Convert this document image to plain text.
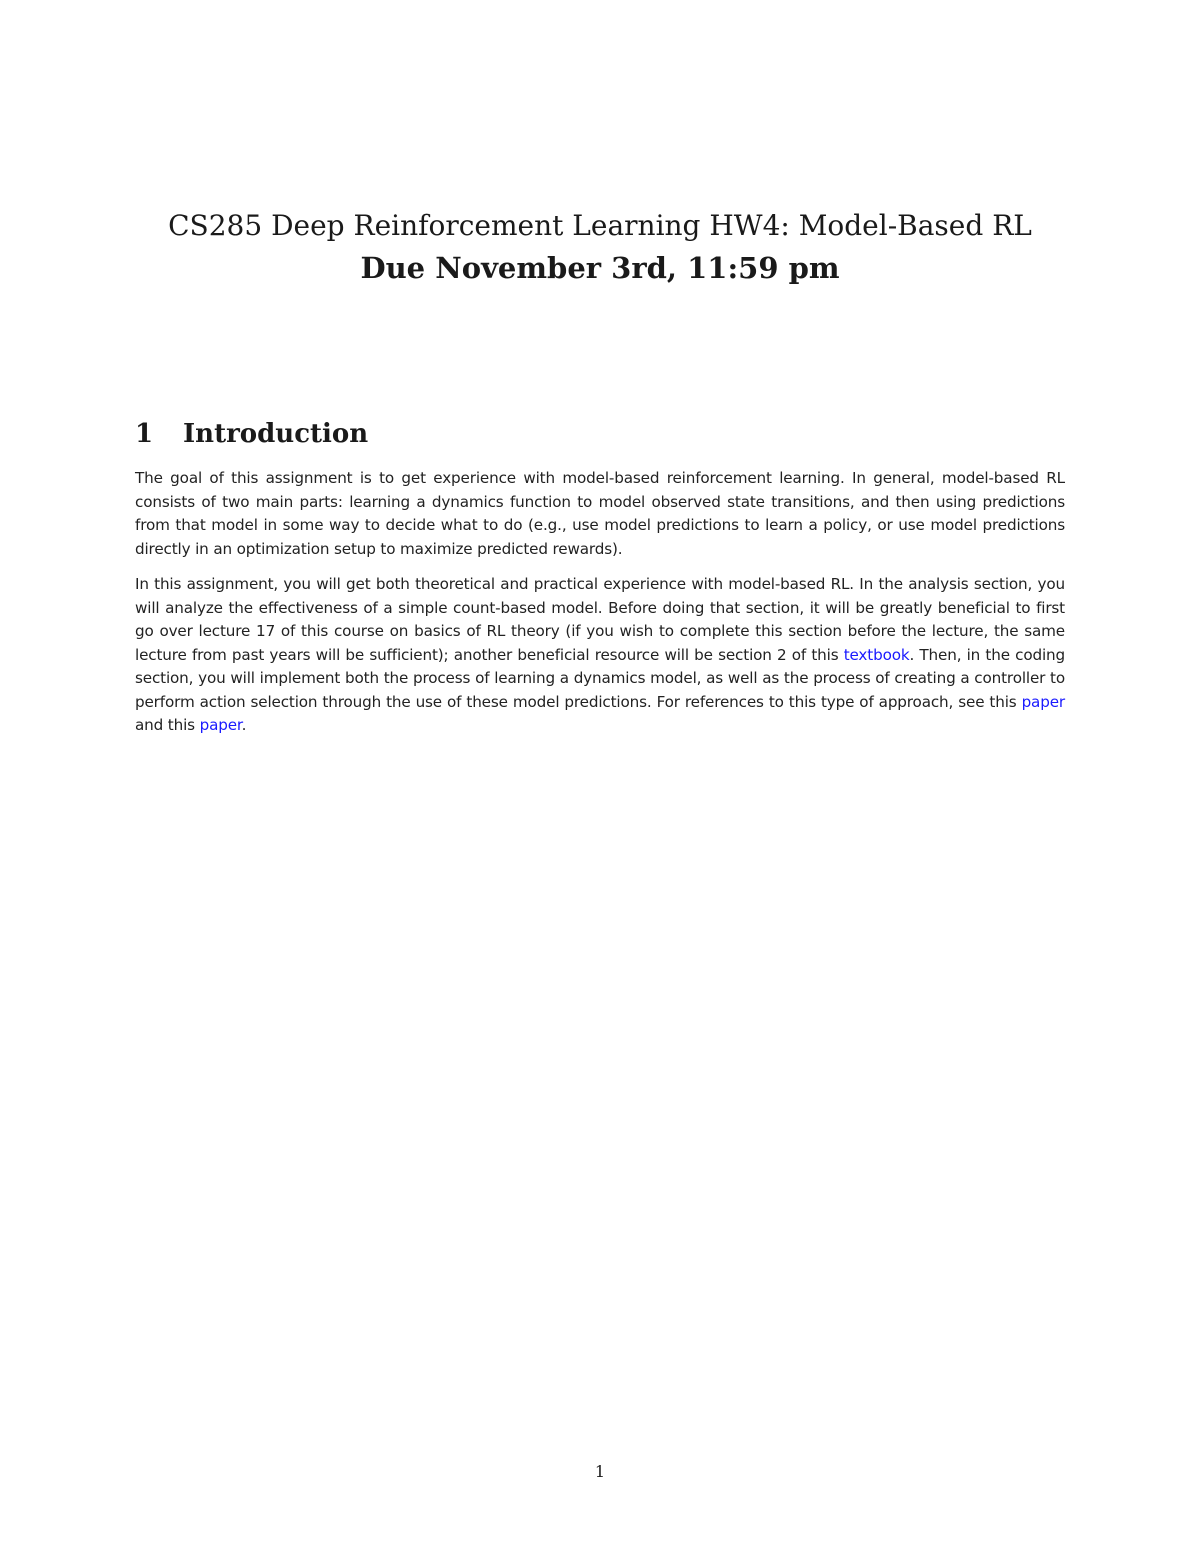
CS285 Deep Reinforcement Learning HW4: Model-Based RL
Due November 3rd, 11:59 pm
1 Introduction

The goal of this assignment is to get experience with model-based reinforcement learning. In general, model-based RL consists of two main parts: learning a dynamics function to model observed state transitions, and then using predictions from that model in some way to decide what to do (e.g., use model predictions to learn a policy, or use model predictions directly in an optimization setup to maximize predicted rewards).

In this assignment, you will get both theoretical and practical experience with model-based RL. In the analysis section, you will analyze the effectiveness of a simple count-based model. Before doing that section, it will be greatly beneficial to first go over lecture 17 of this course on basics of RL theory (if you wish to complete this section before the lecture, the same lecture from past years will be sufficient); another beneficial resource will be section 2 of this textbook. Then, in the coding section, you will implement both the process of learning a dynamics model, as well as the process of creating a controller to perform action selection through the use of these model predictions. For references to this type of approach, see this paper and this paper.

1
